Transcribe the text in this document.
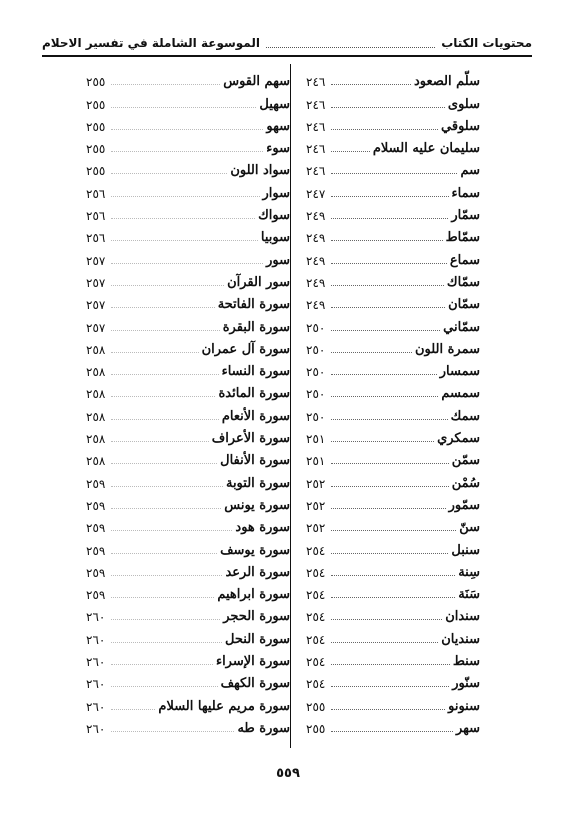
محتويات الكتاب
الموسوعة الشاملة في تفسير الاحلام
سلّم الصعود
٢٤٦
سلوى
٢٤٦
سلوقي
٢٤٦
سليمان عليه السلام
٢٤٦
سم
٢٤٦
سماء
٢٤٧
سمّار
٢٤٩
سمّاط
٢٤٩
سماع
٢٤٩
سمّاك
٢٤٩
سمّان
٢٤٩
سمّاني
٢٥٠
سمرة اللون
٢٥٠
سمسار
٢٥٠
سمسم
٢٥٠
سمك
٢٥٠
سمكري
٢٥١
سمّن
٢٥١
سُمْن
٢٥٢
سمّور
٢٥٢
سنّ
٢٥٢
سنبل
٢٥٤
سِنة
٢٥٤
سَنَة
٢٥٤
سندان
٢٥٤
سنديان
٢٥٤
سنط
٢٥٤
سنّور
٢٥٤
سنونو
٢٥٥
سهر
٢٥٥
سهم القوس
٢٥٥
سهيل
٢٥٥
سهو
٢٥٥
سوء
٢٥٥
سواد اللون
٢٥٥
سوار
٢٥٦
سواك
٢٥٦
سوبيا
٢٥٦
سور
٢٥٧
سور القرآن
٢٥٧
سورة الفاتحة
٢٥٧
سورة البقرة
٢٥٧
سورة آل عمران
٢٥٨
سورة النساء
٢٥٨
سورة المائدة
٢٥٨
سورة الأنعام
٢٥٨
سورة الأعراف
٢٥٨
سورة الأنفال
٢٥٨
سورة التوبة
٢٥٩
سورة يونس
٢٥٩
سورة هود
٢٥٩
سورة يوسف
٢٥٩
سورة الرعد
٢٥٩
سورة ابراهيم
٢٥٩
سورة الحجر
٢٦٠
سورة النحل
٢٦٠
سورة الإسراء
٢٦٠
سورة الكهف
٢٦٠
سورة مريم عليها السلام
٢٦٠
سورة طه
٢٦٠
٥٥٩
